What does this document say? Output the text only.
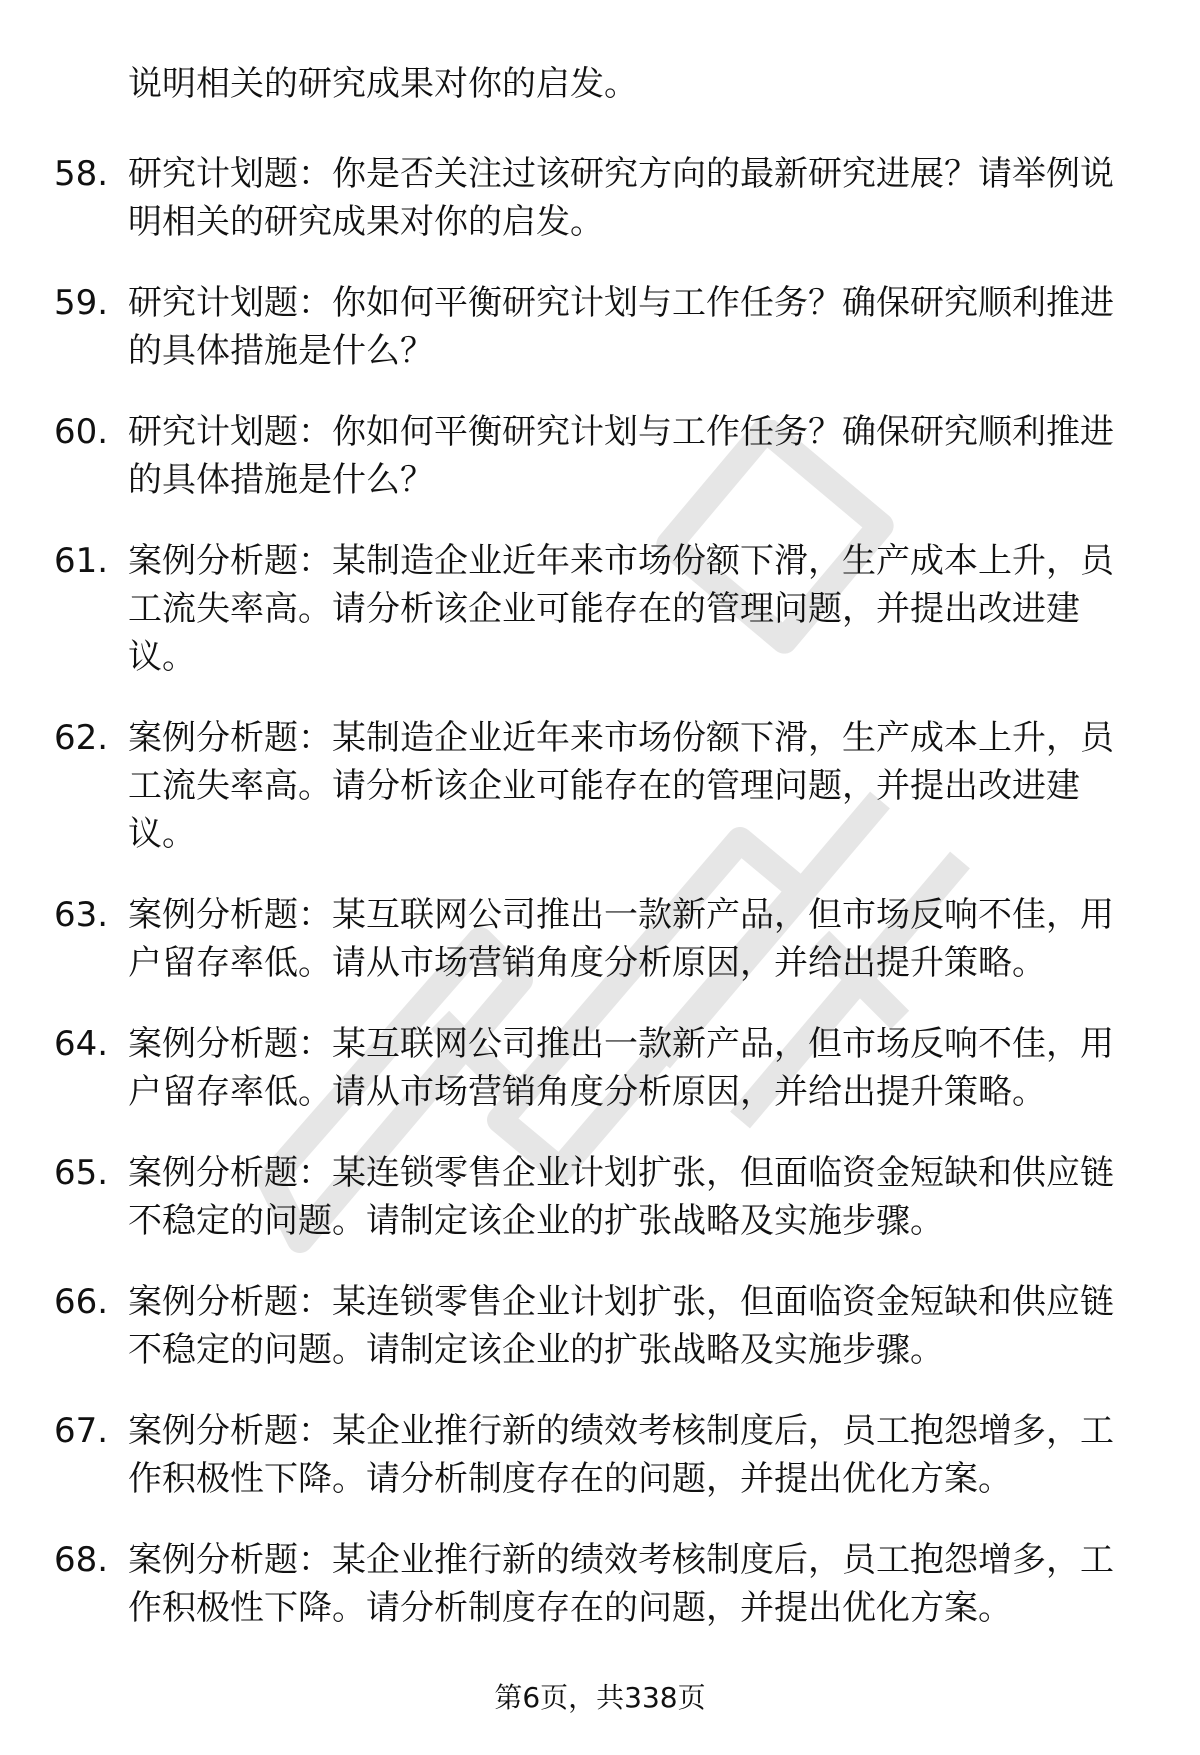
说明相关的研究成果对你的启发。
58. 研究计划题：你是否关注过该研究方向的最新研究进展？请举例说明相关的研究成果对你的启发。
59. 研究计划题：你如何平衡研究计划与工作任务？确保研究顺利推进的具体措施是什么？
60. 研究计划题：你如何平衡研究计划与工作任务？确保研究顺利推进的具体措施是什么？
61. 案例分析题：某制造企业近年来市场份额下滑，生产成本上升，员工流失率高。请分析该企业可能存在的管理问题，并提出改进建议。
62. 案例分析题：某制造企业近年来市场份额下滑，生产成本上升，员工流失率高。请分析该企业可能存在的管理问题，并提出改进建议。
63. 案例分析题：某互联网公司推出一款新产品，但市场反响不佳，用户留存率低。请从市场营销角度分析原因，并给出提升策略。
64. 案例分析题：某互联网公司推出一款新产品，但市场反响不佳，用户留存率低。请从市场营销角度分析原因，并给出提升策略。
65. 案例分析题：某连锁零售企业计划扩张，但面临资金短缺和供应链不稳定的问题。请制定该企业的扩张战略及实施步骤。
66. 案例分析题：某连锁零售企业计划扩张，但面临资金短缺和供应链不稳定的问题。请制定该企业的扩张战略及实施步骤。
67. 案例分析题：某企业推行新的绩效考核制度后，员工抱怨增多，工作积极性下降。请分析制度存在的问题，并提出优化方案。
68. 案例分析题：某企业推行新的绩效考核制度后，员工抱怨增多，工作积极性下降。请分析制度存在的问题，并提出优化方案。
第6页，共338页
